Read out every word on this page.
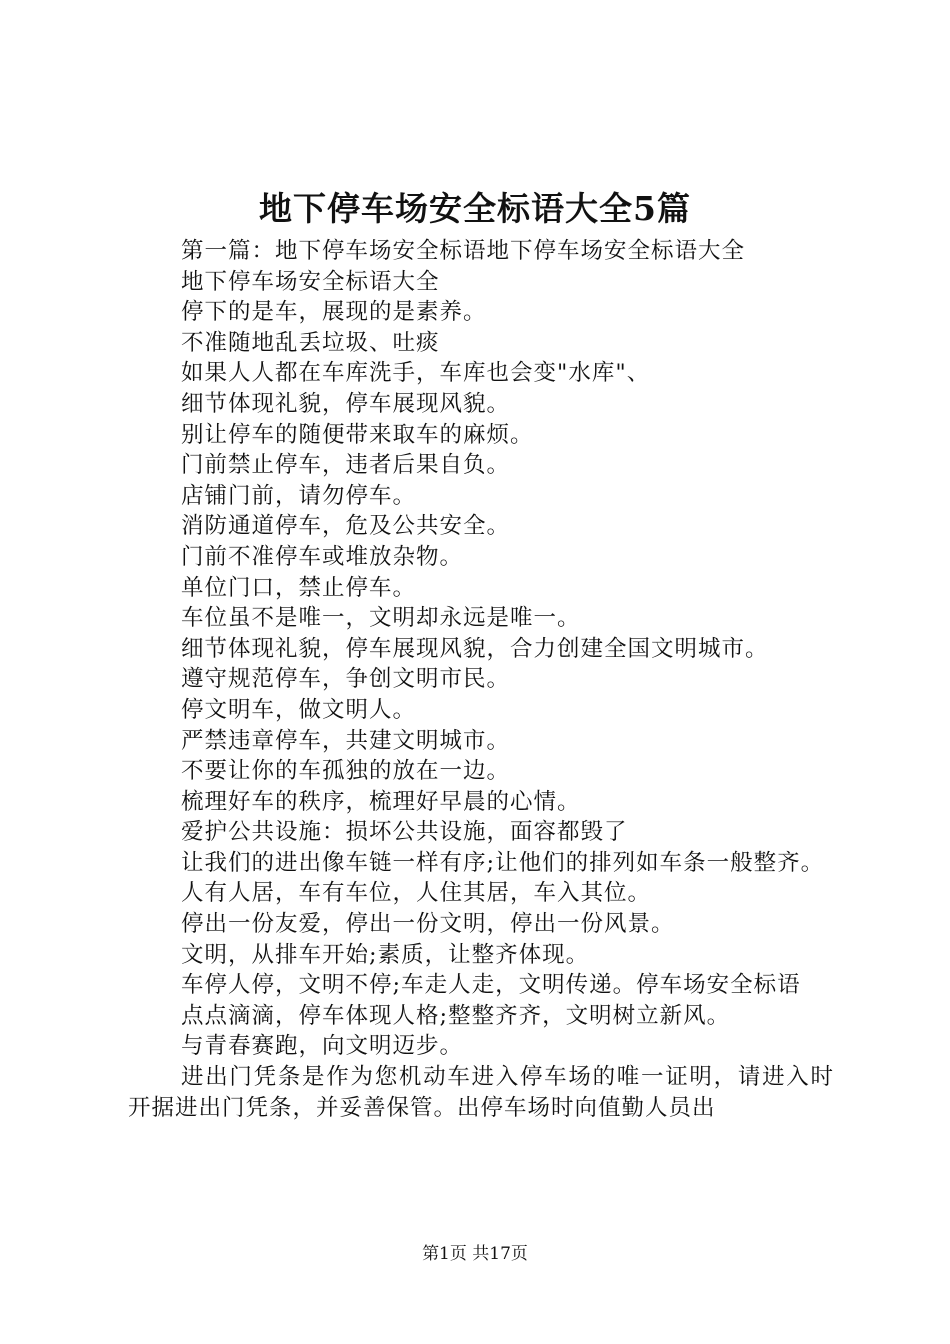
地下停车场安全标语大全5篇

第一篇：地下停车场安全标语地下停车场安全标语大全

地下停车场安全标语大全

停下的是车，展现的是素养。

不准随地乱丢垃圾、吐痰

如果人人都在车库洗手，车库也会变"水库"、

细节体现礼貌，停车展现风貌。

别让停车的随便带来取车的麻烦。

门前禁止停车，违者后果自负。

店铺门前，请勿停车。

消防通道停车，危及公共安全。

门前不准停车或堆放杂物。

单位门口，禁止停车。

车位虽不是唯一，文明却永远是唯一。

细节体现礼貌，停车展现风貌，合力创建全国文明城市。

遵守规范停车，争创文明市民。

停文明车，做文明人。

严禁违章停车，共建文明城市。

不要让你的车孤独的放在一边。

梳理好车的秩序，梳理好早晨的心情。

爱护公共设施：损坏公共设施，面容都毁了

让我们的进出像车链一样有序;让他们的排列如车条一般整齐。

人有人居，车有车位，人住其居，车入其位。

停出一份友爱，停出一份文明，停出一份风景。

文明，从排车开始;素质，让整齐体现。

车停人停，文明不停;车走人走，文明传递。停车场安全标语

点点滴滴，停车体现人格;整整齐齐，文明树立新风。

与青春赛跑，向文明迈步。

进出门凭条是作为您机动车进入停车场的唯一证明，请进入时开据进出门凭条，并妥善保管。出停车场时向值勤人员出

第1页 共17页
